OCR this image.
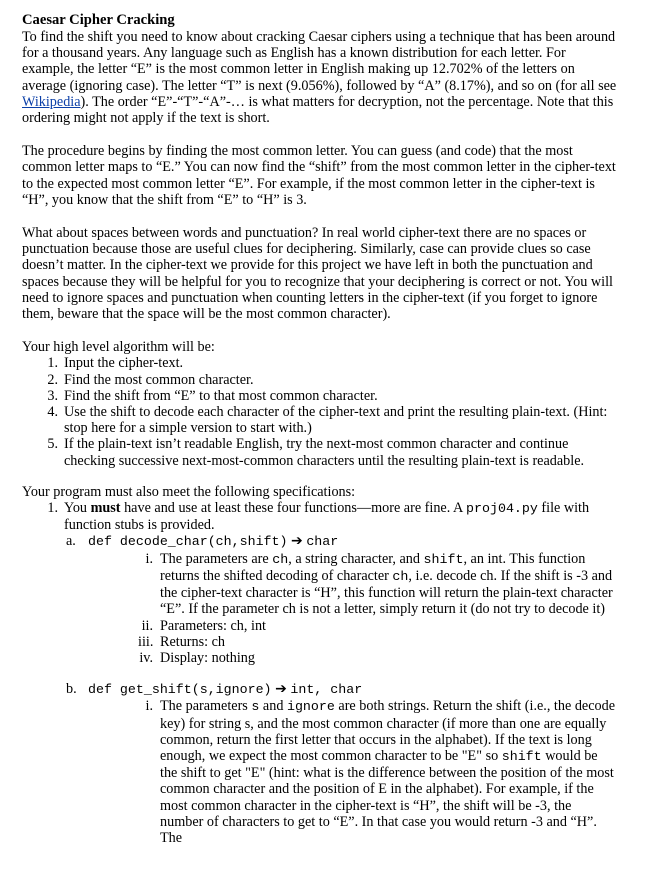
Caesar Cipher Cracking

To find the shift you need to know about cracking Caesar ciphers using a technique that has been around for a thousand years. Any language such as English has a known distribution for each letter. For example, the letter “E” is the most common letter in English making up 12.702% of the letters on average (ignoring case). The letter “T” is next (9.056%), followed by “A” (8.17%), and so on (for all see Wikipedia). The order “E”-“T”-“A”-… is what matters for decryption, not the percentage. Note that this ordering might not apply if the text is short.

The procedure begins by finding the most common letter. You can guess (and code) that the most common letter maps to “E.” You can now find the “shift” from the most common letter in the cipher-text to the expected most common letter “E”. For example, if the most common letter in the cipher-text is “H”, you know that the shift from “E” to “H” is 3.

What about spaces between words and punctuation? In real world cipher-text there are no spaces or punctuation because those are useful clues for deciphering. Similarly, case can provide clues so case doesn’t matter. In the cipher-text we provide for this project we have left in both the punctuation and spaces because they will be helpful for you to recognize that your deciphering is correct or not. You will need to ignore spaces and punctuation when counting letters in the cipher-text (if you forget to ignore them, beware that the space will be the most common character).

Your high level algorithm will be:

1. Input the cipher-text.
2. Find the most common character.
3. Find the shift from “E” to that most common character.
4. Use the shift to decode each character of the cipher-text and print the resulting plain-text. (Hint: stop here for a simple version to start with.)
5. If the plain-text isn’t readable English, try the next-most common character and continue checking successive next-most-common characters until the resulting plain-text is readable.

Your program must also meet the following specifications:

1. You must have and use at least these four functions—more are fine. A proj04.py file with function stubs is provided.
a. def decode_char(ch,shift) ➔ char
i. The parameters are ch, a string character, and shift, an int. This function returns the shifted decoding of character ch, i.e. decode ch. If the shift is -3 and the cipher-text character is “H”, this function will return the plain-text character “E”. If the parameter ch is not a letter, simply return it (do not try to decode it)
ii. Parameters: ch, int
iii. Returns: ch
iv. Display: nothing
b. def get_shift(s,ignore) ➔ int, char
i. The parameters s and ignore are both strings. Return the shift (i.e., the decode key) for string s, and the most common character (if more than one are equally common, return the first letter that occurs in the alphabet). If the text is long enough, we expect the most common character to be "E" so shift would be the shift to get "E" (hint: what is the difference between the position of the most common character and the position of E in the alphabet). For example, if the most common character in the cipher-text is “H”, the shift will be -3, the number of characters to get to “E”. In that case you would return -3 and “H”. The
